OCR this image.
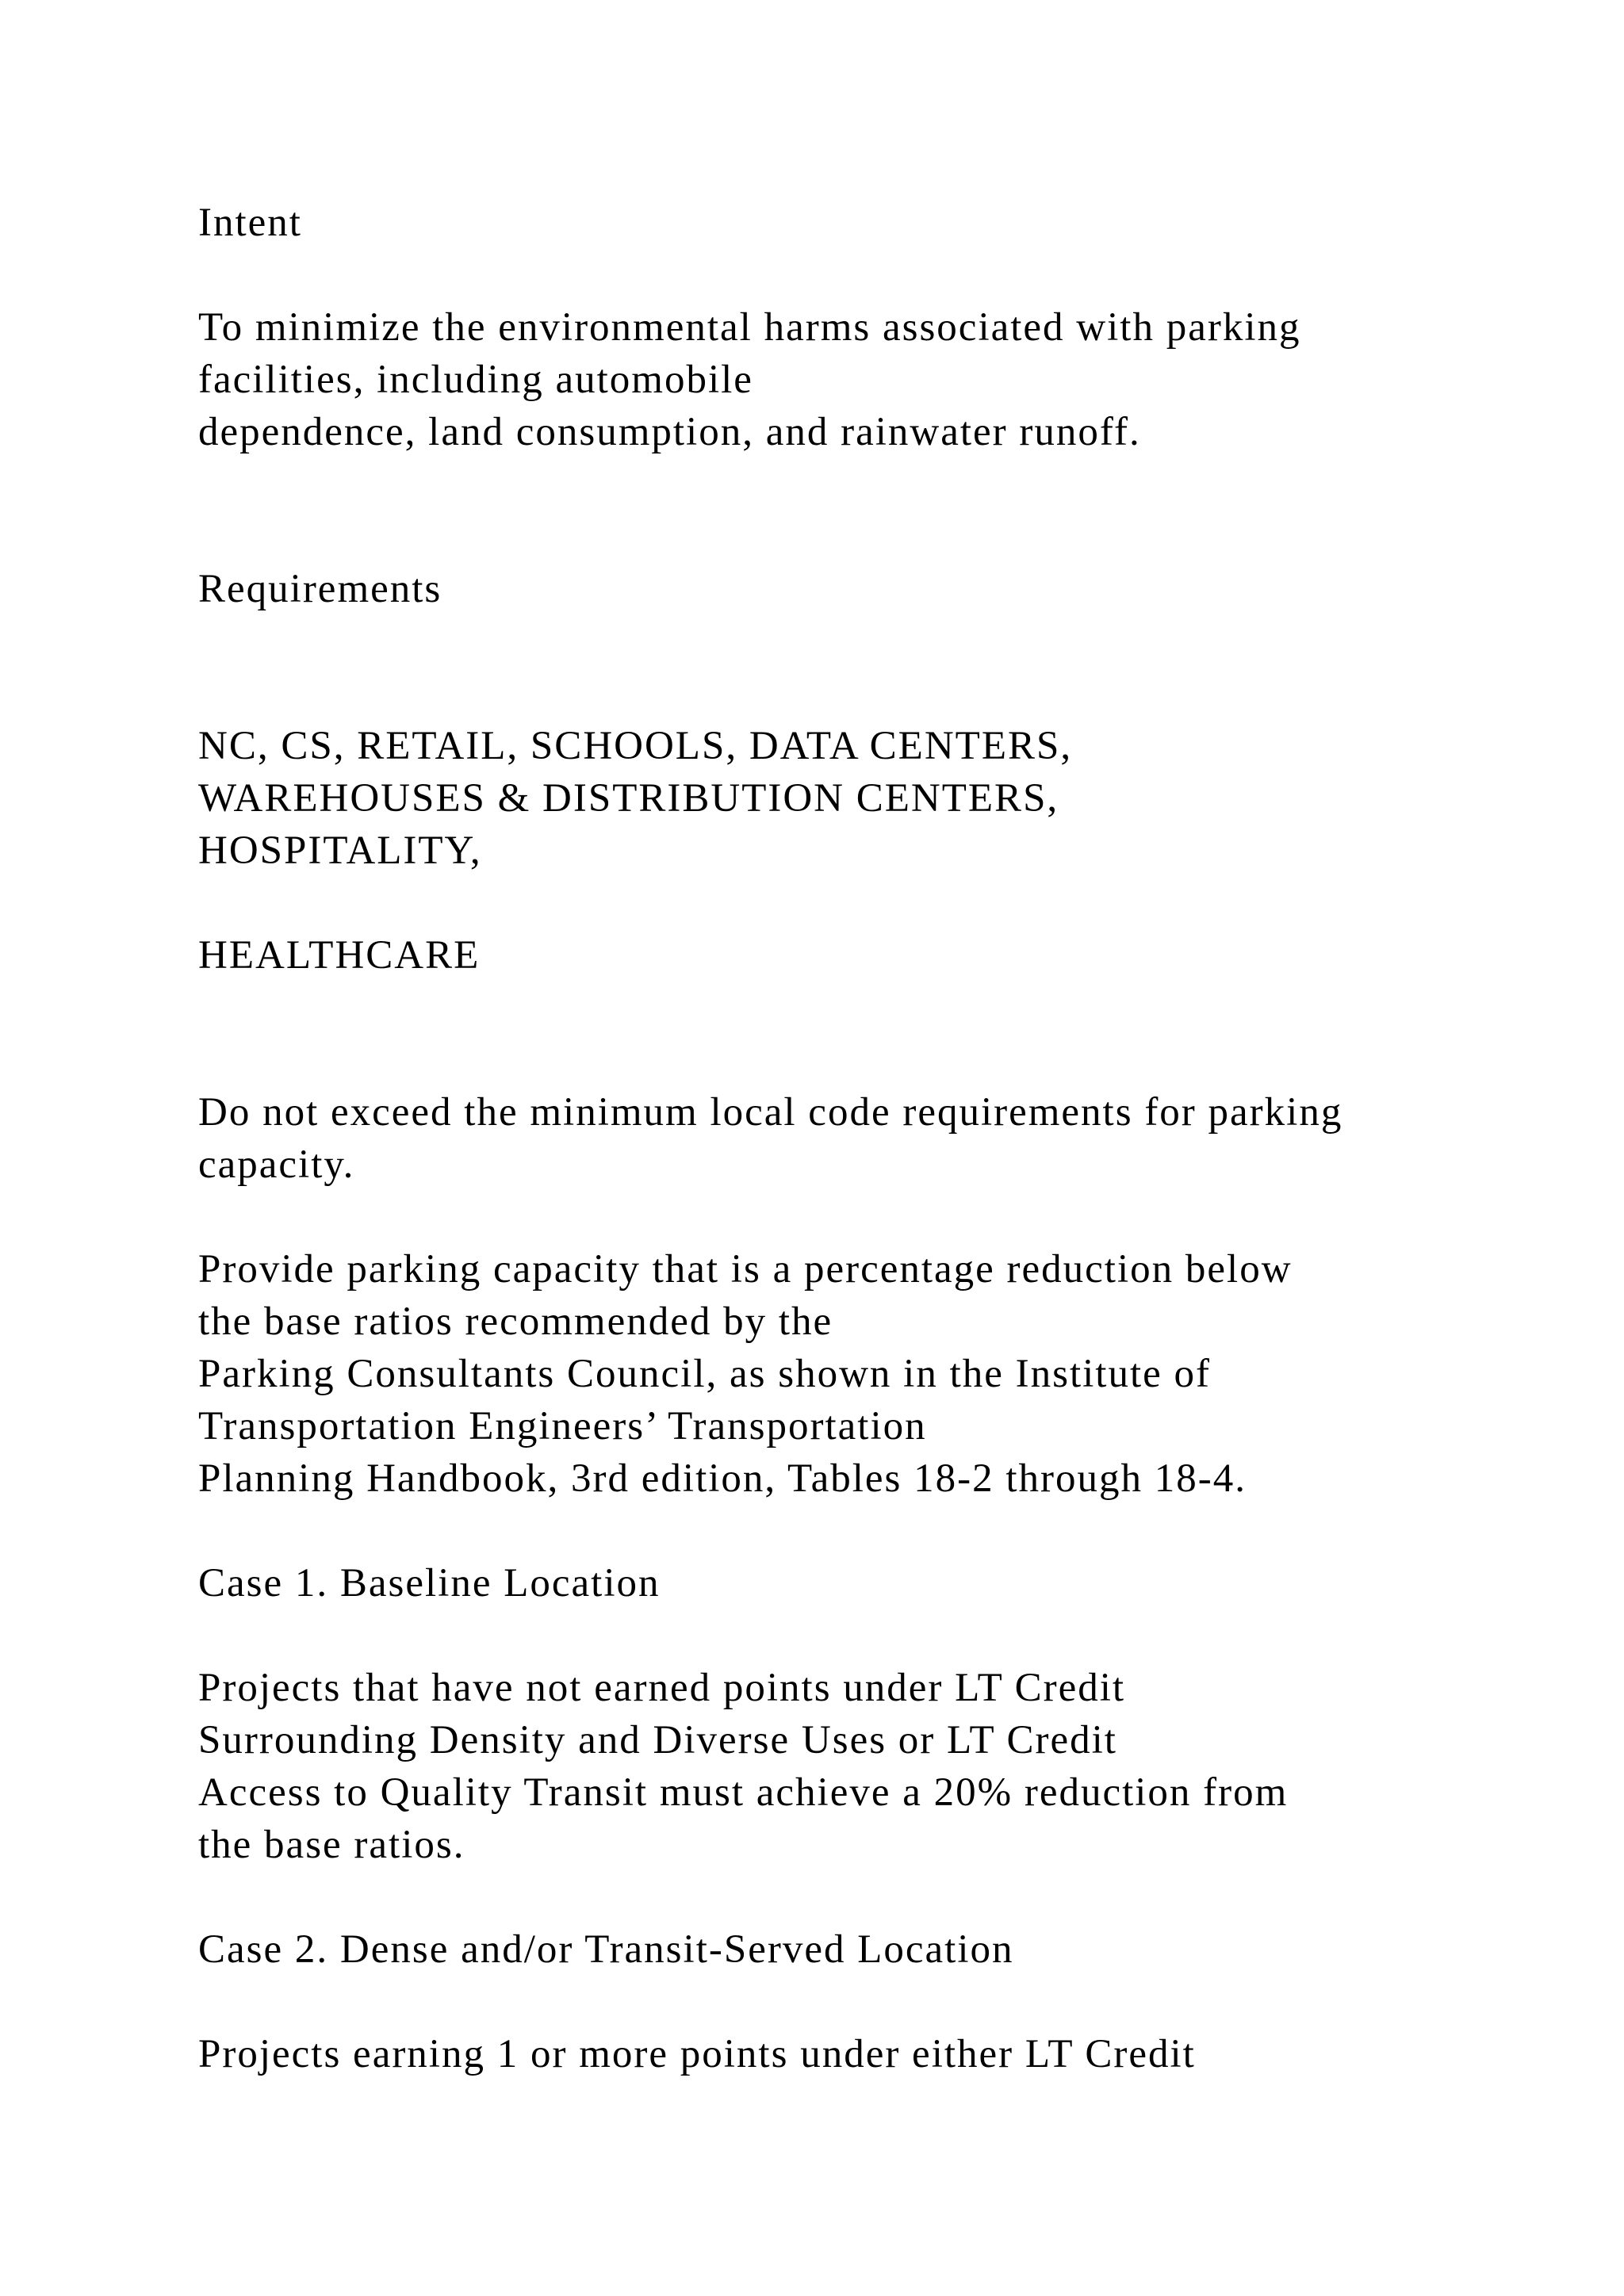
Intent
To minimize the environmental harms associated with parking
facilities, including automobile
dependence, land consumption, and rainwater runoff.
Requirements
NC, CS, RETAIL, SCHOOLS, DATA CENTERS,
WAREHOUSES & DISTRIBUTION CENTERS,
HOSPITALITY,
HEALTHCARE
Do not exceed the minimum local code requirements for parking
capacity.
Provide parking capacity that is a percentage reduction below
the base ratios recommended by the
Parking Consultants Council, as shown in the Institute of
Transportation Engineers’ Transportation
Planning Handbook, 3rd edition, Tables 18-2 through 18-4.
Case 1. Baseline Location
Projects that have not earned points under LT Credit
Surrounding Density and Diverse Uses or LT Credit
Access to Quality Transit must achieve a 20% reduction from
the base ratios.
Case 2. Dense and/or Transit-Served Location
Projects earning 1 or more points under either LT Credit
